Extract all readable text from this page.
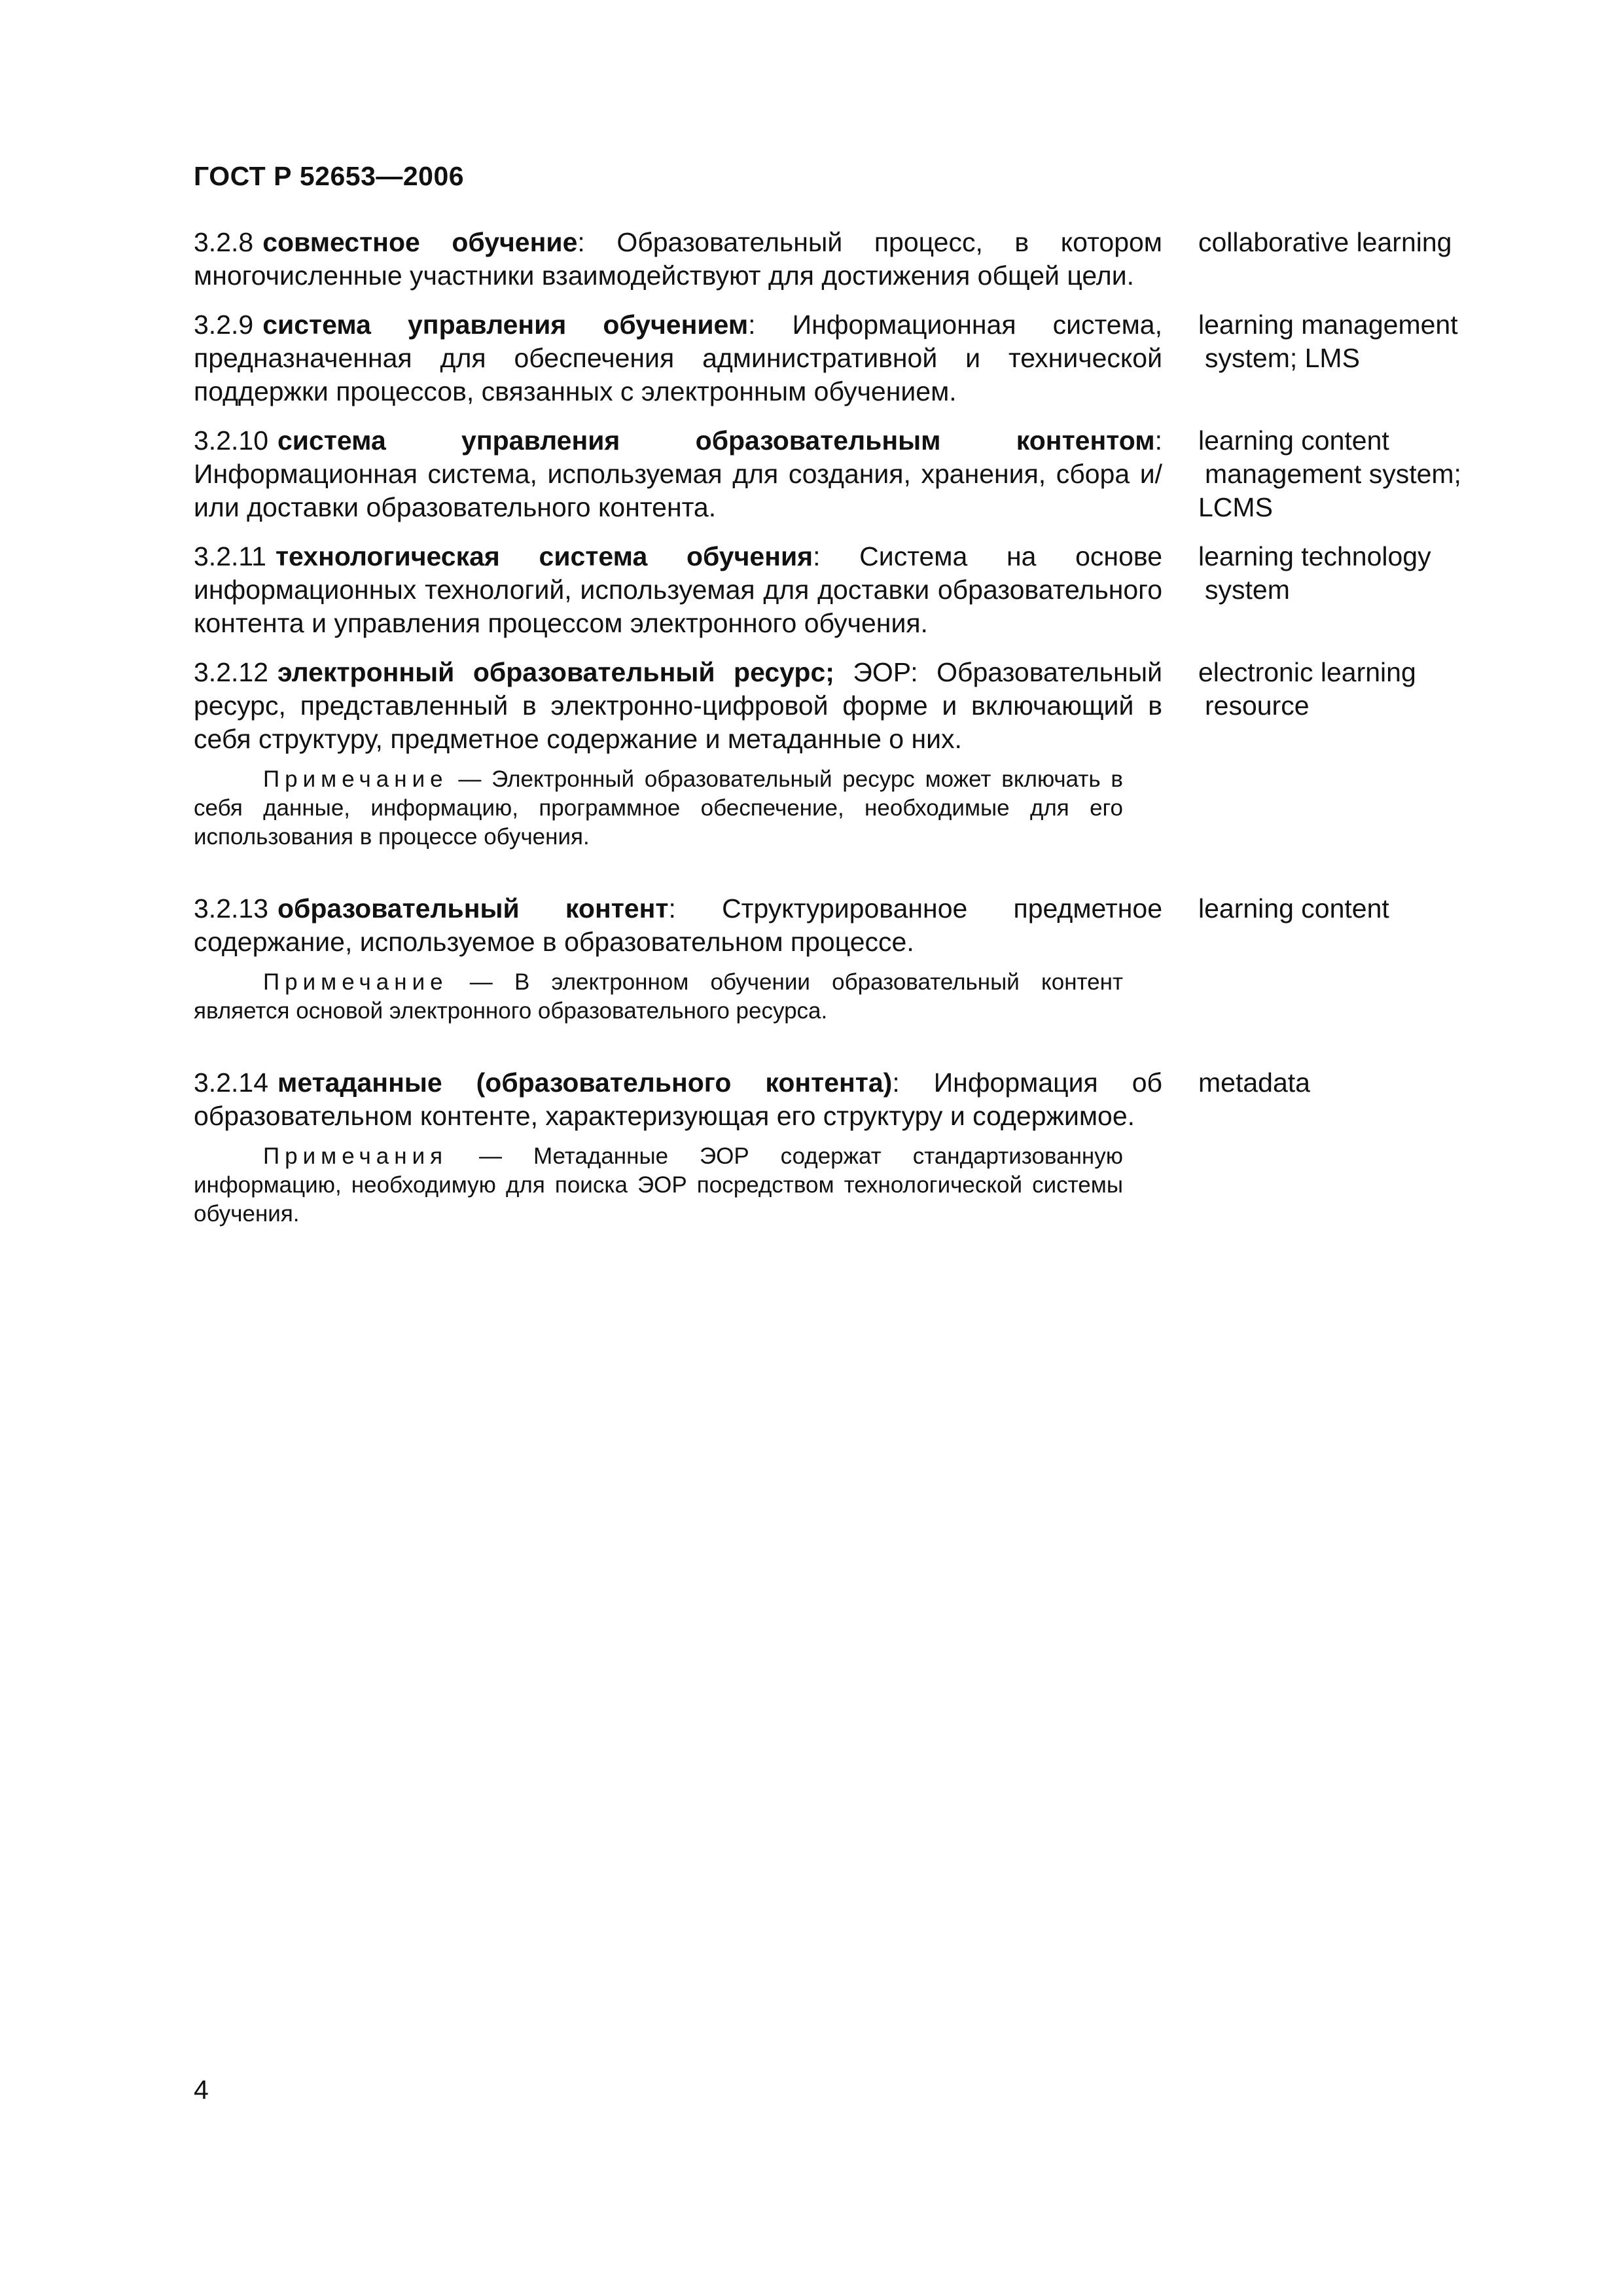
ГОСТ Р 52653—2006
3.2.8 совместное обучение: Образовательный процесс, в котором многочисленные участники взаимодействуют для достижения общей цели.
collaborative learning
3.2.9 система управления обучением: Информационная система, предназначенная для обеспечения административной и технической поддержки процессов, связанных с электронным обучением.
learning management
system; LMS
3.2.10 система управления образовательным контентом: Информационная система, используемая для создания, хранения, сбора и/или доставки образовательного контента.
learning content
management system;
LCMS
3.2.11 технологическая система обучения: Система на основе информационных технологий, используемая для доставки образовательного контента и управления процессом электронного обучения.
learning technology
system
3.2.12 электронный образовательный ресурс; ЭОР: Образовательный ресурс, представленный в электронно-цифровой форме и включающий в себя структуру, предметное содержание и метаданные о них.
electronic learning
resource
Примечание — Электронный образовательный ресурс может включать в себя данные, информацию, программное обеспечение, необходимые для его использования в процессе обучения.
3.2.13 образовательный контент: Структурированное предметное содержание, используемое в образовательном процессе.
learning content
Примечание — В электронном обучении образовательный контент является основой электронного образовательного ресурса.
3.2.14 метаданные (образовательного контента): Информация об образовательном контенте, характеризующая его структуру и содержимое.
metadata
Примечания — Метаданные ЭОР содержат стандартизованную информацию, необходимую для поиска ЭОР посредством технологической системы обучения.
4
